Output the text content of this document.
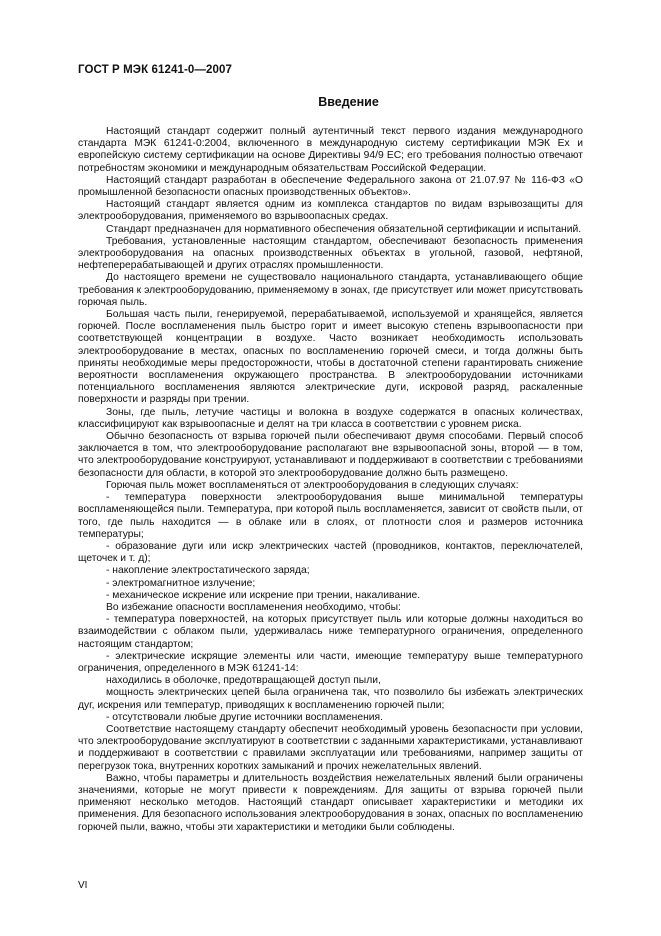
ГОСТ Р МЭК 61241-0—2007
Введение

Настоящий стандарт содержит полный аутентичный текст первого издания международного стандарта МЭК 61241-0:2004, включенного в международную систему сертификации МЭК Ex и европейскую систему сертификации на основе Директивы 94/9 ЕС; его требования полностью отвечают потребностям экономики и международным обязательствам Российской Федерации.

Настоящий стандарт разработан в обеспечение Федерального закона от 21.07.97 № 116-ФЗ «О промышленной безопасности опасных производственных объектов».

Настоящий стандарт является одним из комплекса стандартов по видам взрывозащиты для электрооборудования, применяемого во взрывоопасных средах.

Стандарт предназначен для нормативного обеспечения обязательной сертификации и испытаний.

Требования, установленные настоящим стандартом, обеспечивают безопасность применения электрооборудования на опасных производственных объектах в угольной, газовой, нефтяной, нефтеперерабатывающей и других отраслях промышленности.

До настоящего времени не существовало национального стандарта, устанавливающего общие требования к электрооборудованию, применяемому в зонах, где присутствует или может присутствовать горючая пыль.

Большая часть пыли, генерируемой, перерабатываемой, используемой и хранящейся, является горючей. После воспламенения пыль быстро горит и имеет высокую степень взрывоопасности при соответствующей концентрации в воздухе. Часто возникает необходимость использовать электрооборудование в местах, опасных по воспламенению горючей смеси, и тогда должны быть приняты необходимые меры предосторожности, чтобы в достаточной степени гарантировать снижение вероятности воспламенения окружающего пространства. В электрооборудовании источниками потенциального воспламенения являются электрические дуги, искровой разряд, раскаленные поверхности и разряды при трении.

Зоны, где пыль, летучие частицы и волокна в воздухе содержатся в опасных количествах, классифицируют как взрывоопасные и делят на три класса в соответствии с уровнем риска.

Обычно безопасность от взрыва горючей пыли обеспечивают двумя способами. Первый способ заключается в том, что электрооборудование располагают вне взрывоопасной зоны, второй — в том, что электрооборудование конструируют, устанавливают и поддерживают в соответствии с требованиями безопасности для области, в которой это электрооборудование должно быть размещено.

Горючая пыль может воспламеняться от электрооборудования в следующих случаях:

- температура поверхности электрооборудования выше минимальной температуры воспламеняющейся пыли. Температура, при которой пыль воспламеняется, зависит от свойств пыли, от того, где пыль находится — в облаке или в слоях, от плотности слоя и размеров источника температуры;

- образование дуги или искр электрических частей (проводников, контактов, переключателей, щеточек и т. д);

- накопление электростатического заряда;

- электромагнитное излучение;

- механическое искрение или искрение при трении, накаливание.

Во избежание опасности воспламенения необходимо, чтобы:

- температура поверхностей, на которых присутствует пыль или которые должны находиться во взаимодействии с облаком пыли, удерживалась ниже температурного ограничения, определенного настоящим стандартом;

- электрические искрящие элементы или части, имеющие температуру выше температурного ограничения, определенного в МЭК 61241-14:

находились в оболочке, предотвращающей доступ пыли,

мощность электрических цепей была ограничена так, что позволило бы избежать электрических дуг, искрения или температур, приводящих к воспламенению горючей пыли;

- отсутствовали любые другие источники воспламенения.

Соответствие настоящему стандарту обеспечит необходимый уровень безопасности при условии, что электрооборудование эксплуатируют в соответствии с заданными характеристиками, устанавливают и поддерживают в соответствии с правилами эксплуатации или требованиями, например защиты от перегрузок тока, внутренних коротких замыканий и прочих нежелательных явлений.

Важно, чтобы параметры и длительность воздействия нежелательных явлений были ограничены значениями, которые не могут привести к повреждениям. Для защиты от взрыва горючей пыли применяют несколько методов. Настоящий стандарт описывает характеристики и методики их применения. Для безопасного использования электрооборудования в зонах, опасных по воспламенению горючей пыли, важно, чтобы эти характеристики и методики были соблюдены.

VI
